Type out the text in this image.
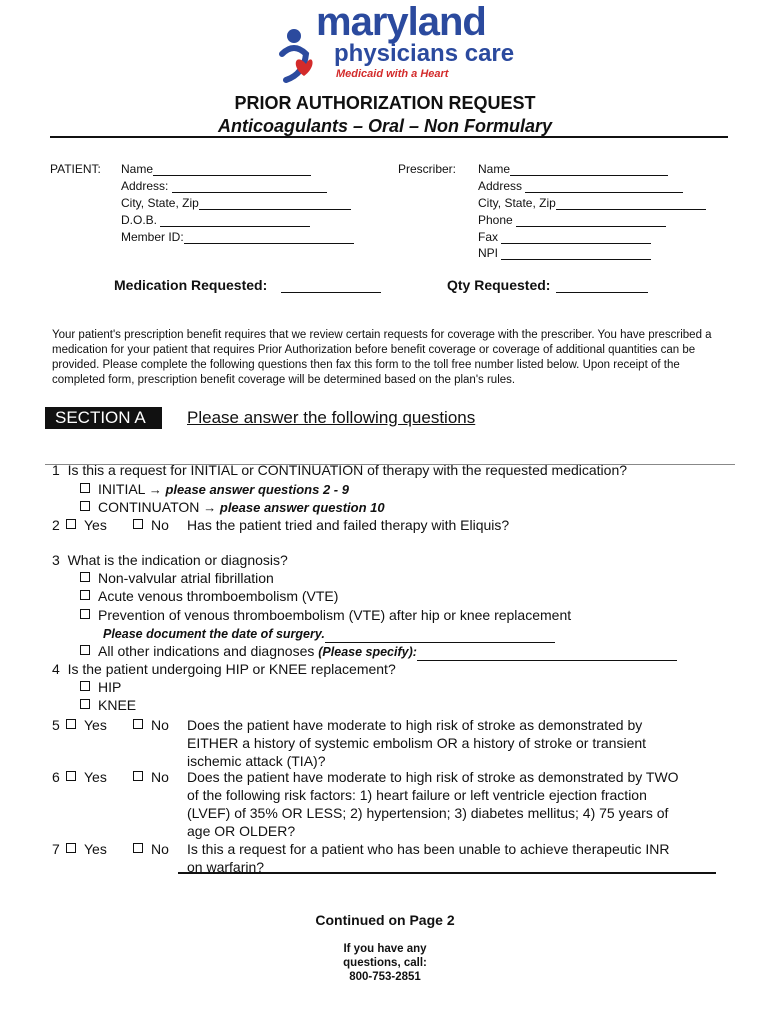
maryland
physicians care
Medicaid with a Heart
PRIOR AUTHORIZATION REQUEST
Anticoagulants – Oral – Non Formulary
PATIENT: Name
Address:
City, State, Zip
D.O.B.
Member ID:
Prescriber: Name
Address
City, State, Zip
Phone
Fax
NPI
Medication Requested:	Qty Requested:
Your patient's prescription benefit requires that we review certain requests for coverage with the prescriber. You have prescribed a medication for your patient that requires Prior Authorization before benefit coverage or coverage of additional quantities can be provided. Please complete the following questions then fax this form to the toll free number listed below. Upon receipt of the completed form, prescription benefit coverage will be determined based on the plan's rules.
SECTION A	Please answer the following questions
1 Is this a request for INITIAL or CONTINUATION of therapy with the requested medication?
INITIAL → please answer questions 2 - 9
CONTINUATON → please answer question 10
2	Yes	No Has the patient tried and failed therapy with Eliquis?
3 What is the indication or diagnosis?
Non-valvular atrial fibrillation
Acute venous thromboembolism (VTE)
Prevention of venous thromboembolism (VTE) after hip or knee replacement
Please document the date of surgery.
All other indications and diagnoses (Please specify):
4 Is the patient undergoing HIP or KNEE replacement?
HIP
KNEE
5	Yes	No Does the patient have moderate to high risk of stroke as demonstrated by
EITHER a history of systemic embolism OR a history of stroke or transient
ischemic attack (TIA)?
6	Yes	No Does the patient have moderate to high risk of stroke as demonstrated by TWO
of the following risk factors: 1) heart failure or left ventricle ejection fraction
(LVEF) of 35% OR LESS; 2) hypertension; 3) diabetes mellitus; 4) 75 years of
age OR OLDER?
7	Yes	No Is this a request for a patient who has been unable to achieve therapeutic INR
on warfarin?
Continued on Page 2
If you have any
questions, call:
800-753-2851
